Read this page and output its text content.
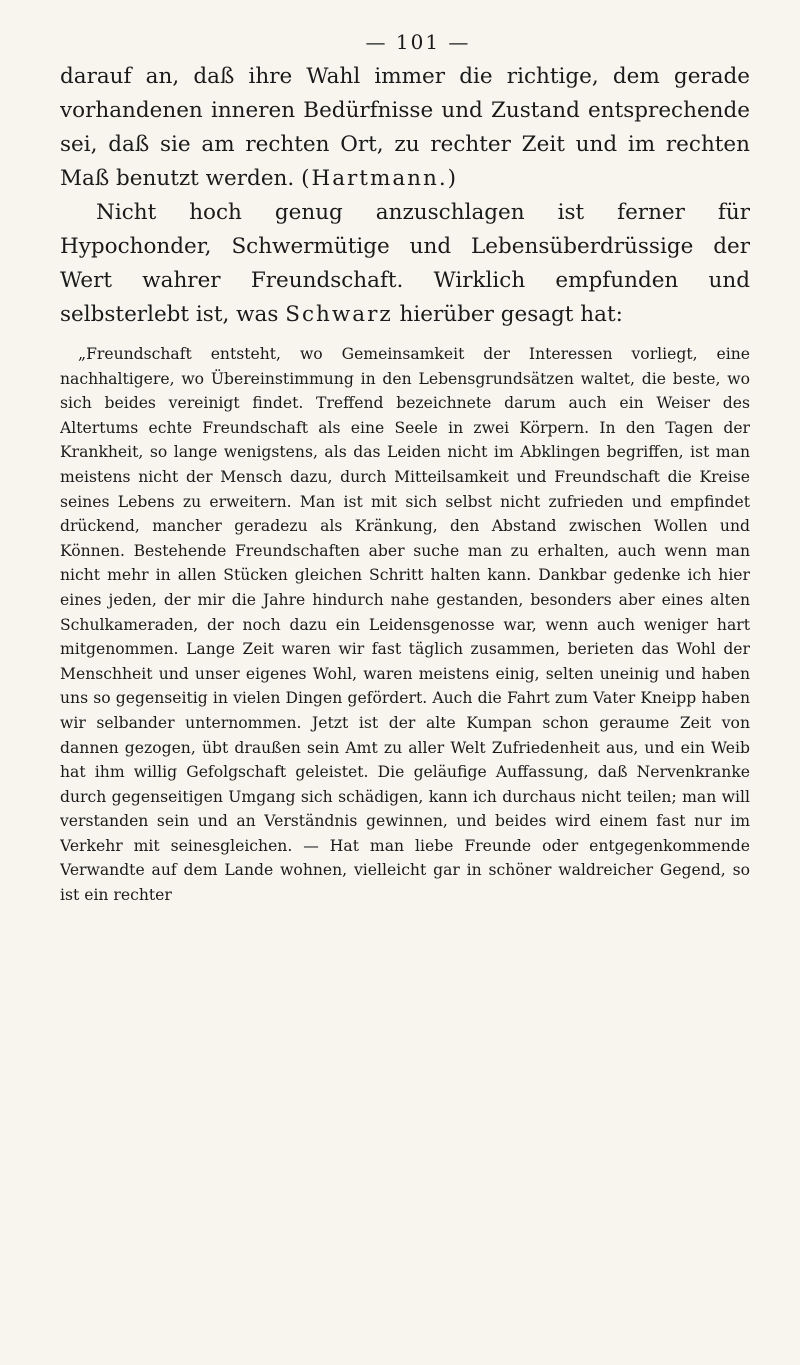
— 101 —

darauf an, daß ihre Wahl immer die richtige, dem gerade vorhandenen inneren Bedürfnisse und Zustand entsprechende sei, daß sie am rechten Ort, zu rechter Zeit und im rechten Maß benutzt werden. (Hartmann.)

Nicht hoch genug anzuschlagen ist ferner für Hypochonder, Schwermütige und Lebensüberdrüssige der Wert wahrer Freundschaft. Wirklich empfunden und selbsterlebt ist, was Schwarz hierüber gesagt hat:

„Freundschaft entsteht, wo Gemeinsamkeit der Interessen vorliegt, eine nachhaltigere, wo Übereinstimmung in den Lebensgrundsätzen waltet, die beste, wo sich beides vereinigt findet. Treffend bezeichnete darum auch ein Weiser des Altertums echte Freundschaft als eine Seele in zwei Körpern. In den Tagen der Krankheit, so lange wenigstens, als das Leiden nicht im Abklingen begriffen, ist man meistens nicht der Mensch dazu, durch Mitteilsamkeit und Freundschaft die Kreise seines Lebens zu erweitern. Man ist mit sich selbst nicht zufrieden und empfindet drückend, mancher geradezu als Kränkung, den Abstand zwischen Wollen und Können. Bestehende Freundschaften aber suche man zu erhalten, auch wenn man nicht mehr in allen Stücken gleichen Schritt halten kann. Dankbar gedenke ich hier eines jeden, der mir die Jahre hindurch nahe gestanden, besonders aber eines alten Schulkameraden, der noch dazu ein Leidensgenosse war, wenn auch weniger hart mitgenommen. Lange Zeit waren wir fast täglich zusammen, berieten das Wohl der Menschheit und unser eigenes Wohl, waren meistens einig, selten uneinig und haben uns so gegenseitig in vielen Dingen gefördert. Auch die Fahrt zum Vater Kneipp haben wir selbander unternommen. Jetzt ist der alte Kumpan schon geraume Zeit von dannen gezogen, übt draußen sein Amt zu aller Welt Zufriedenheit aus, und ein Weib hat ihm willig Gefolgschaft geleistet. Die geläufige Auffassung, daß Nervenkranke durch gegenseitigen Umgang sich schädigen, kann ich durchaus nicht teilen; man will verstanden sein und an Verständnis gewinnen, und beides wird einem fast nur im Verkehr mit seinesgleichen. — Hat man liebe Freunde oder entgegenkommende Verwandte auf dem Lande wohnen, vielleicht gar in schöner waldreicher Gegend, so ist ein rechter
